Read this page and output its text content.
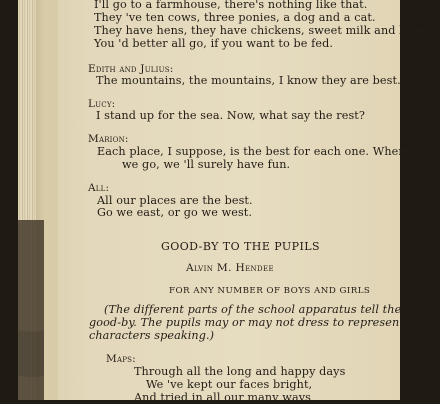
I'll go to a farmhouse, there's nothing like that.
They 've ten cows, three ponies, a dog and a cat.
They have hens, they have chickens, sweet milk and bread,
You 'd better all go, if you want to be fed.
Edith and Julius:
The mountains, the mountains, I know they are best.
Lucy:
I stand up for the sea. Now, what say the rest?
Marion:
Each place, I suppose, is the best for each one. Wherever
we go, we 'll surely have fun.
All:
All our places are the best.
Go we east, or go we west.
GOOD-BY TO THE PUPILS
Alvin M. Hendee
FOR ANY NUMBER OF BOYS AND GIRLS
(The different parts of the school apparatus tell the pupils
good-by. The pupils may or may not dress to represent the
characters speaking.)
Maps:
Through all the long and happy days
We 've kept our faces bright,
And tried in all our many ways
